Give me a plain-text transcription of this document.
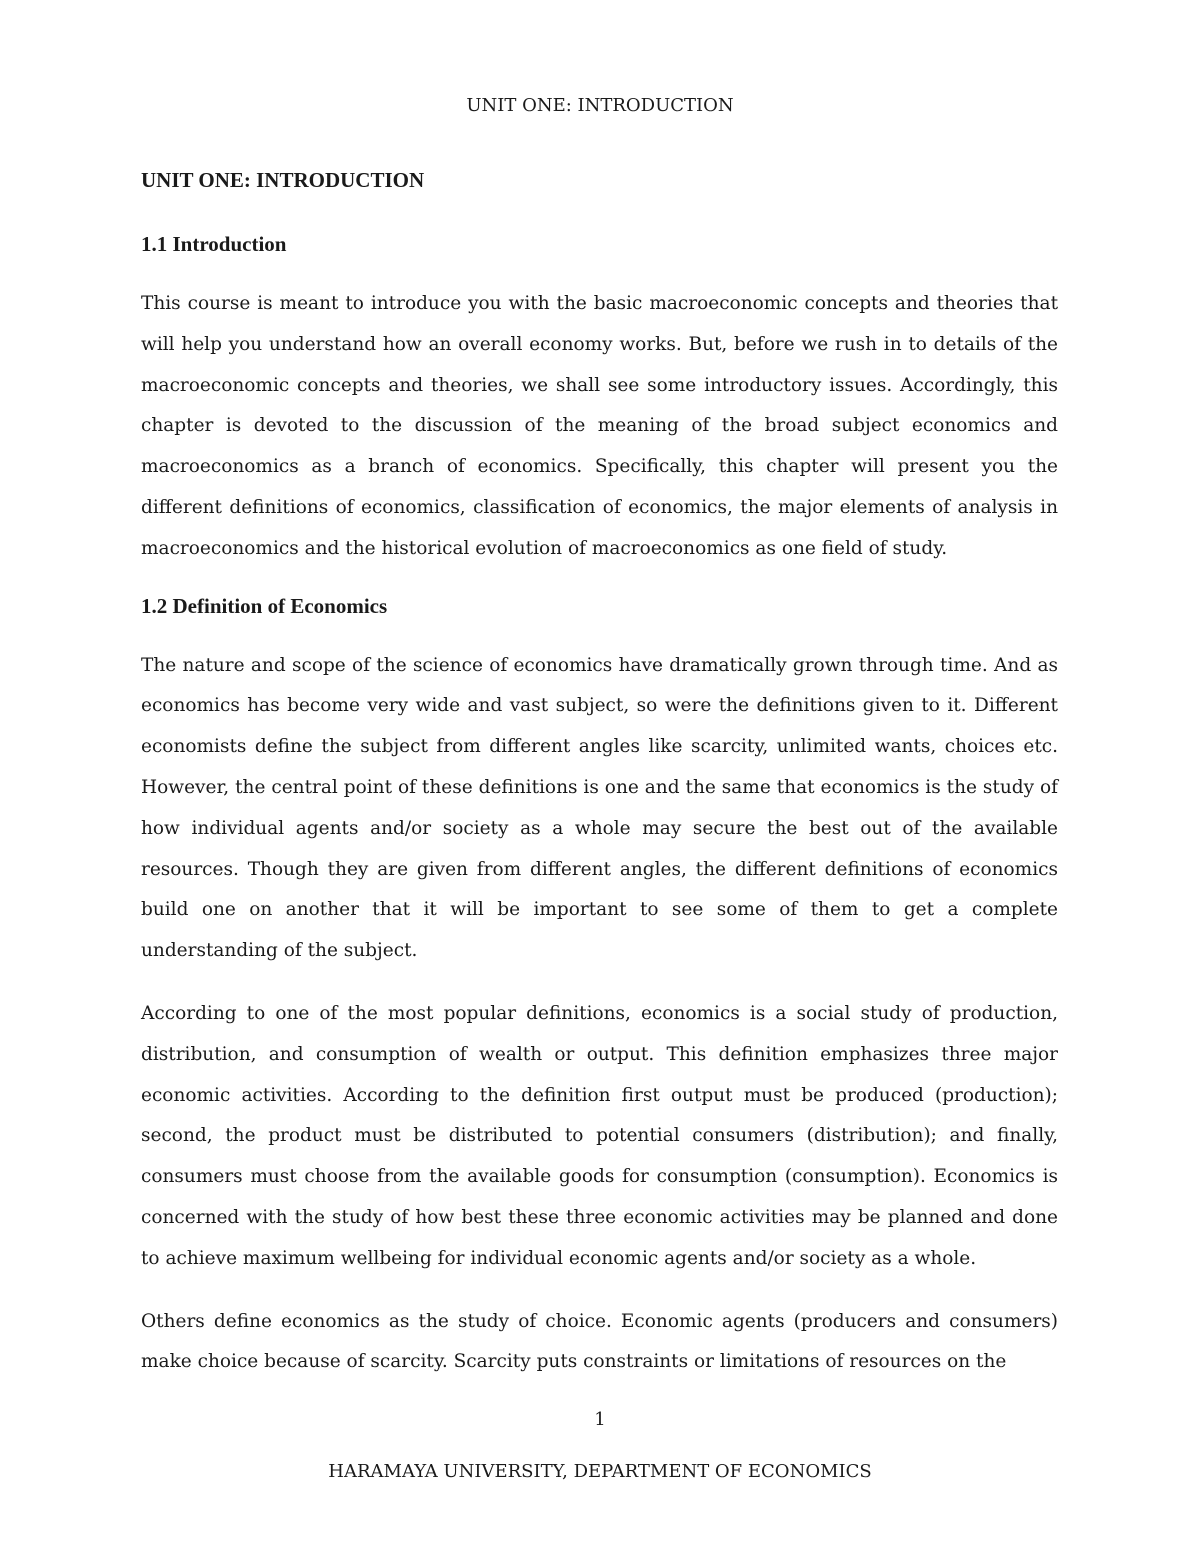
UNIT ONE: INTRODUCTION
UNIT ONE: INTRODUCTION
1.1 Introduction

This course is meant to introduce you with the basic macroeconomic concepts and theories that will help you understand how an overall economy works. But, before we rush in to details of the macroeconomic concepts and theories, we shall see some introductory issues. Accordingly, this chapter is devoted to the discussion of the meaning of the broad subject economics and macroeconomics as a branch of economics. Specifically, this chapter will present you the different definitions of economics, classification of economics, the major elements of analysis in macroeconomics and the historical evolution of macroeconomics as one field of study.

1.2 Definition of Economics

The nature and scope of the science of economics have dramatically grown through time. And as economics has become very wide and vast subject, so were the definitions given to it. Different economists define the subject from different angles like scarcity, unlimited wants, choices etc. However, the central point of these definitions is one and the same that economics is the study of how individual agents and/or society as a whole may secure the best out of the available resources. Though they are given from different angles, the different definitions of economics build one on another that it will be important to see some of them to get a complete understanding of the subject.

According to one of the most popular definitions, economics is a social study of production, distribution, and consumption of wealth or output. This definition emphasizes three major economic activities. According to the definition first output must be produced (production); second, the product must be distributed to potential consumers (distribution); and finally, consumers must choose from the available goods for consumption (consumption). Economics is concerned with the study of how best these three economic activities may be planned and done to achieve maximum wellbeing for individual economic agents and/or society as a whole.

Others define economics as the study of choice. Economic agents (producers and consumers) make choice because of scarcity. Scarcity puts constraints or limitations of resources on the

1
HARAMAYA UNIVERSITY, DEPARTMENT OF ECONOMICS
